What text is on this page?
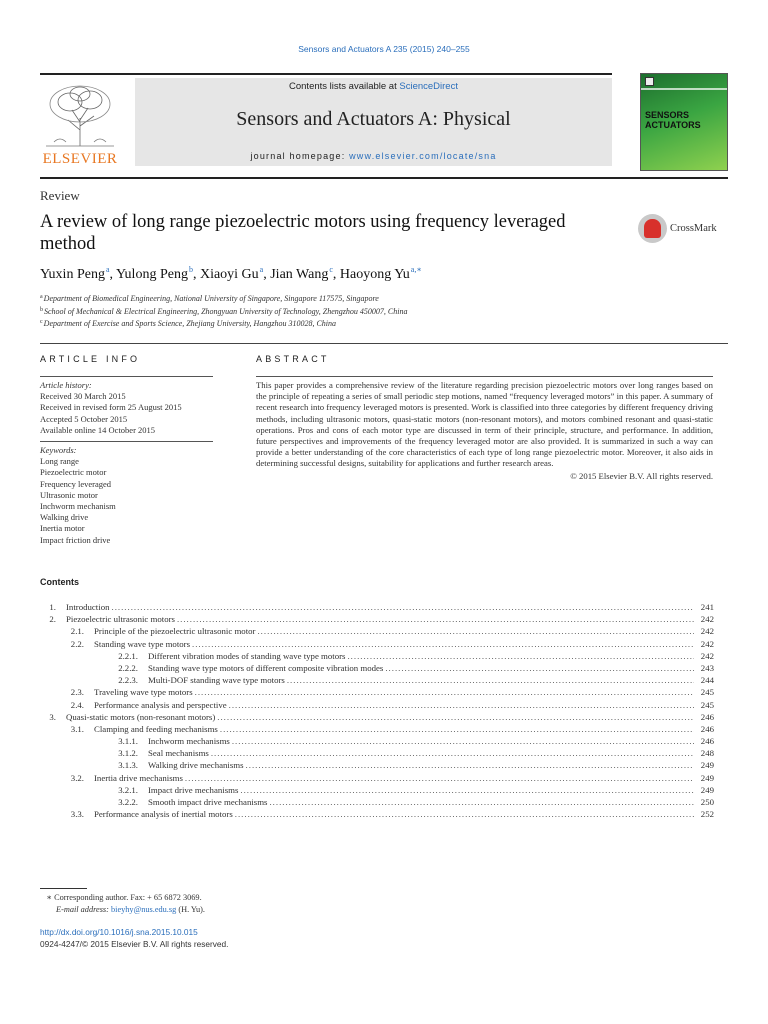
Sensors and Actuators A 235 (2015) 240–255
ELSEVIER
Contents lists available at ScienceDirect
Sensors and Actuators A: Physical
journal homepage: www.elsevier.com/locate/sna
SENSORS
ACTUATORS
Review
A review of long range piezoelectric motors using frequency leveraged method
CrossMark
Yuxin Peng$^a$, Yulong Peng$^b$, Xiaoyi Gu$^a$, Jian Wang$^c$, Haoyong $Yu^{a,∗}$
$^a$Department of Biomedical Engineering, National University of Singapore, Singapore 117575, Singapore
$^b$School of Mechanical & Electrical Engineering, Zhongyuan University of Technology, Zhengzhou 450007, China
$^c$Department of Exercise and Sports Science, Zhejiang University, Hangzhou 310028, China
ARTICLE INFO	ABSTRACT
Article history:
Received 30 March 2015
Received in revised form 25 August 2015
Accepted 5 October 2015
Available online 14 October 2015
Keywords:
Long range
Piezoelectric motor
Frequency leveraged
Ultrasonic motor
Inchworm mechanism
Walking drive
Inertia motor
Impact friction drive
This paper provides a comprehensive review of the literature regarding precision piezoelectric motors over long ranges based on the principle of repeating a series of small periodic step motions, named “frequency leveraged motors” in this paper. A summary of recent research into frequency leveraged motors is presented. Work is classified into three categories by different frequency driving methods, including ultrasonic motors, quasi-static motors (non-resonant motors), and motors combined resonant and quasi-static operations. Pros and cons of each motor type are discussed in term of their principle, structure, and performance. In addition, future perspectives and improvements of the frequency leveraged motor are also provided. It is summarized in such a way can provide a better understanding of the core characteristics of each type of long range piezoelectric motor. Moreover, it also aids in determining successful designs, suitability for applications and further research areas.
© 2015 Elsevier B.V. All rights reserved.
Contents
1. Introduction .....	241
2. Piezoelectric ultrasonic motors .....	242
2.1. Principle of the piezoelectric ultrasonic motor .....	242
2.2. Standing wave type motors .....	242
2.2.1. Different vibration modes of standing wave type motors .....	242
2.2.2. Standing wave type motors of different composite vibration modes .....	243
2.2.3. Multi-DOF standing wave type motors .....	244
2.3. Traveling wave type motors .....	245
2.4. Performance analysis and perspective .....	245
3. Quasi-static motors (non-resonant motors) .....	246
3.1. Clamping and feeding mechanisms .....	246
3.1.1. Inchworm mechanisms .....	246
3.1.2. Seal mechanisms .....	248
3.1.3. Walking drive mechanisms .....	249
3.2. Inertia drive mechanisms .....	249
3.2.1. Impact drive mechanisms .....	249
3.2.2. Smooth impact drive mechanisms .....	250
3.3. Performance analysis of inertial motors .....	252
∗ Corresponding author. Fax: + 65 6872 3069.
E-mail address: bieyhy@nus.edu.sg (H. Yu).
http://dx.doi.org/10.1016/j.sna.2015.10.015
0924-4247/© 2015 Elsevier B.V. All rights reserved.
